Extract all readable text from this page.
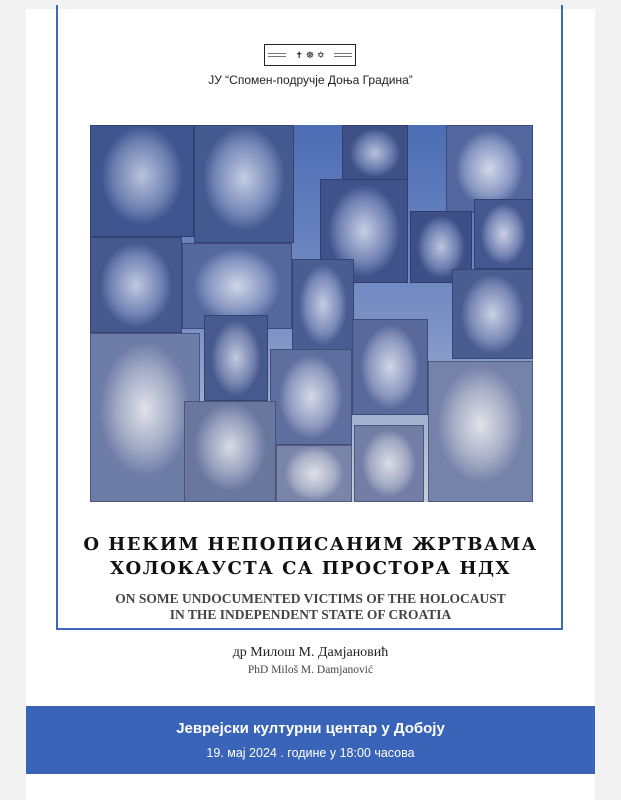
✝ ☸ ✡
ЈУ “Спомен-подручје Доња Градина”
О НЕКИМ НЕПОПИСАНИМ ЖРТВАМА
ХОЛОКАУСТА СА ПРОСТОРА НДХ
ON SOME UNDOCUMENTED VICTIMS OF THE HOLOCAUST
IN THE INDEPENDENT STATE OF CROATIA
др Милош М. Дамјановић
PhD Miloš M. Damjanović
Јеврејски културни центар у Добоју
19. мај 2024 . године у 18:00 часова
